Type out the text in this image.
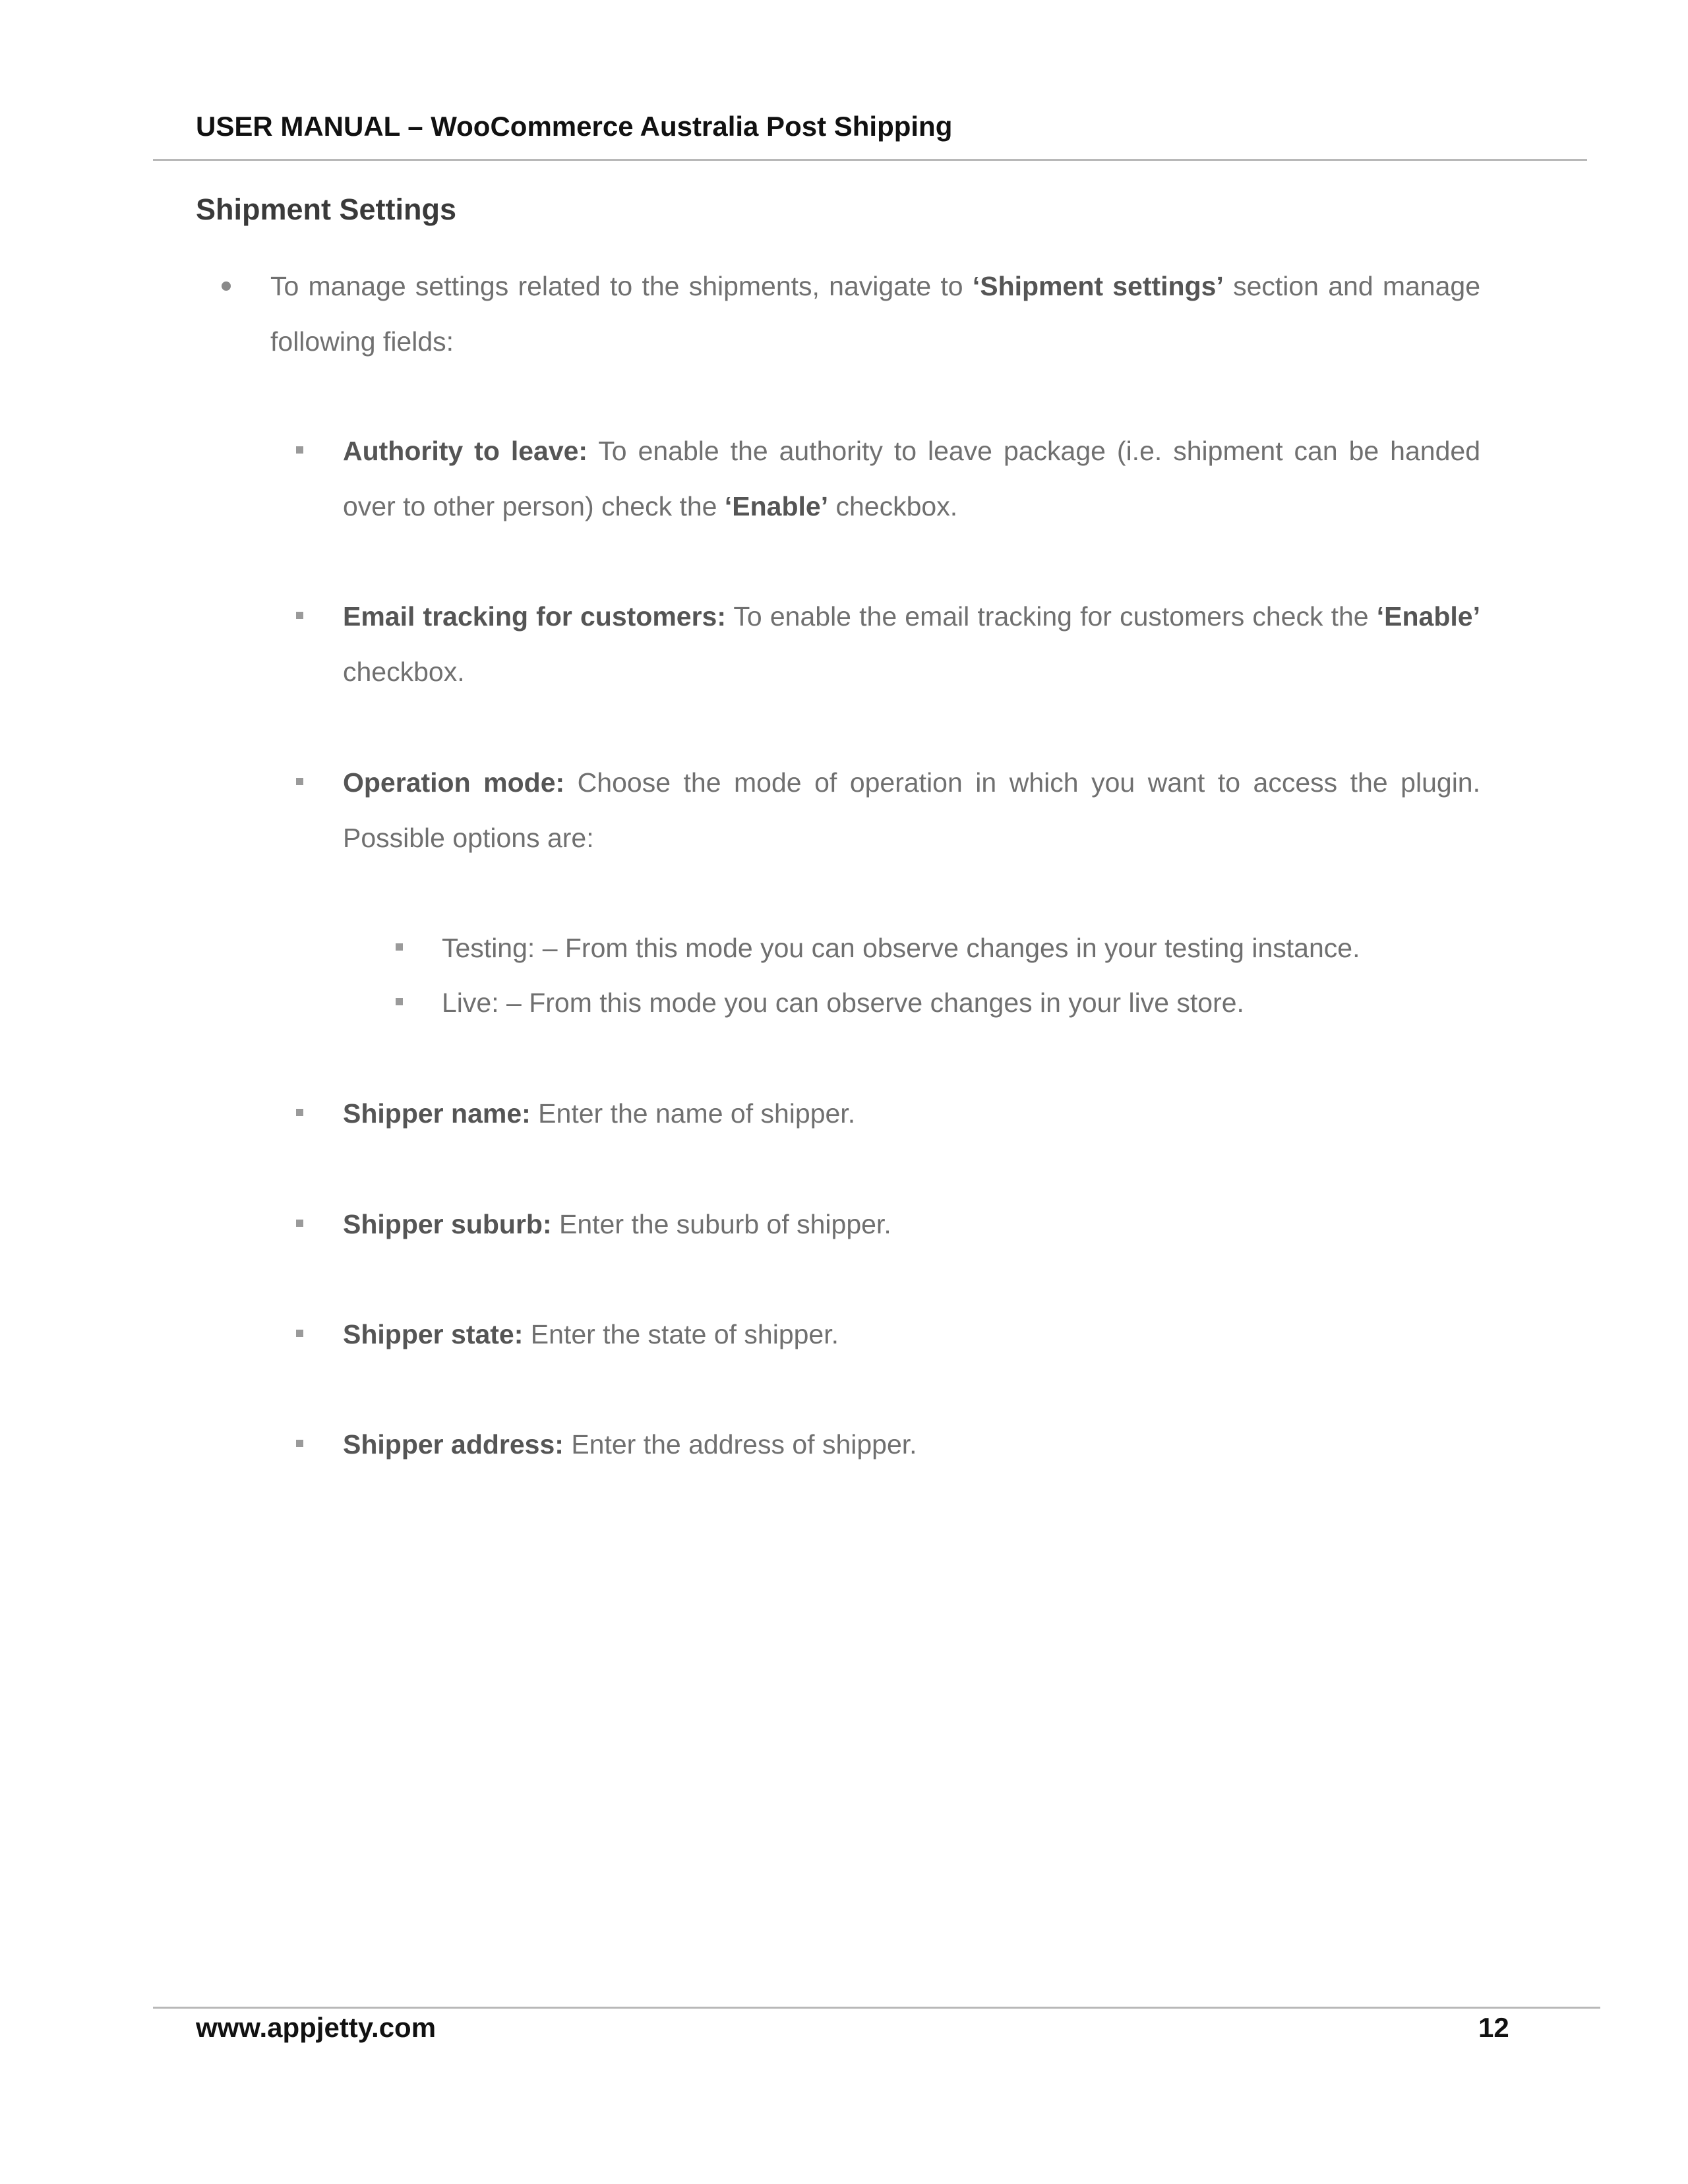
USER MANUAL – WooCommerce Australia Post Shipping
Shipment Settings
To manage settings related to the shipments, navigate to ‘Shipment settings’ section and manage following fields:
Authority to leave: To enable the authority to leave package (i.e. shipment can be handed over to other person) check the ‘Enable’ checkbox.
Email tracking for customers: To enable the email tracking for customers check the ‘Enable’ checkbox.
Operation mode: Choose the mode of operation in which you want to access the plugin. Possible options are:
Testing: – From this mode you can observe changes in your testing instance.
Live: – From this mode you can observe changes in your live store.
Shipper name: Enter the name of shipper.
Shipper suburb: Enter the suburb of shipper.
Shipper state: Enter the state of shipper.
Shipper address: Enter the address of shipper.
www.appjetty.com	12
